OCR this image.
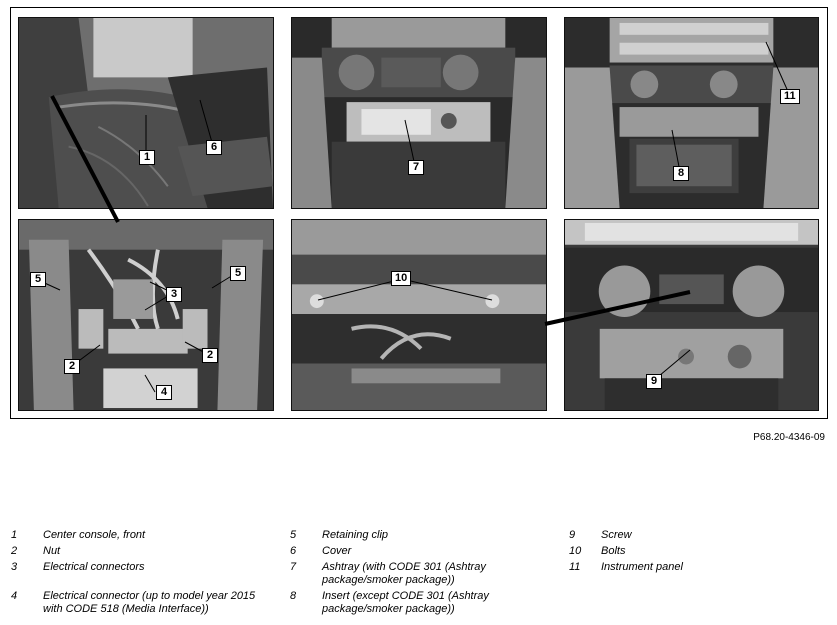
1
6
7
11
8
5
3
5
2
2
4
10
9
P68.20-4346-09
1 Center console, front
2 Nut
3 Electrical connectors
4 Electrical connector (up to model year 2015 with CODE 518 (Media Interface))
5 Retaining clip
6 Cover
7 Ashtray (with CODE 301 (Ashtray package/smoker package))
8 Insert (except CODE 301 (Ashtray package/smoker package))
9 Screw
10 Bolts
11 Instrument panel
